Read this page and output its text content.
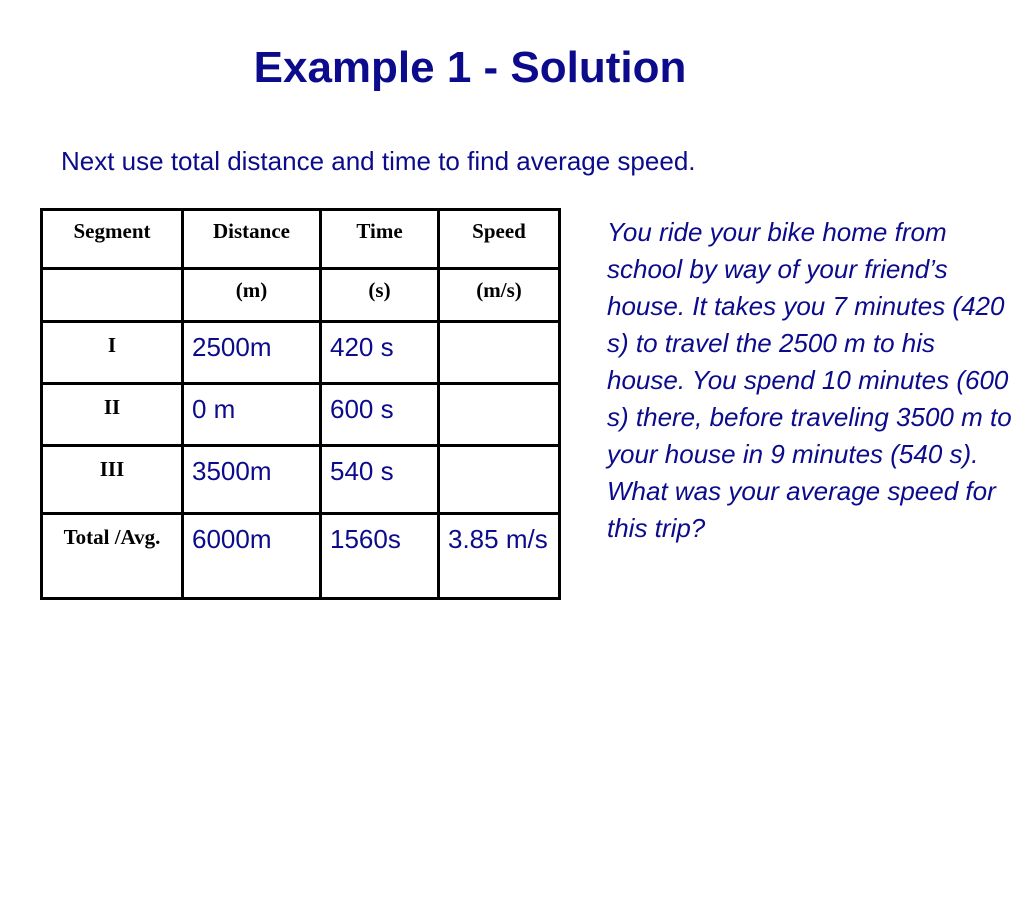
Example 1 - Solution
Next use total distance and time to find average speed.
Segment	Distance	Time	Speed
	(m)	(s)	(m/s)
I	2500m	420 s	
II	0 m	600 s	
III	3500m	540 s	
Total /Avg.	6000m	1560s	3.85 m/s
You ride your bike home from school by way of your friend’s house. It takes you 7 minutes (420 s) to travel the 2500 m to his house. You spend 10 minutes (600 s) there, before traveling 3500 m to your house in 9 minutes (540 s). What was your average speed for this trip?
